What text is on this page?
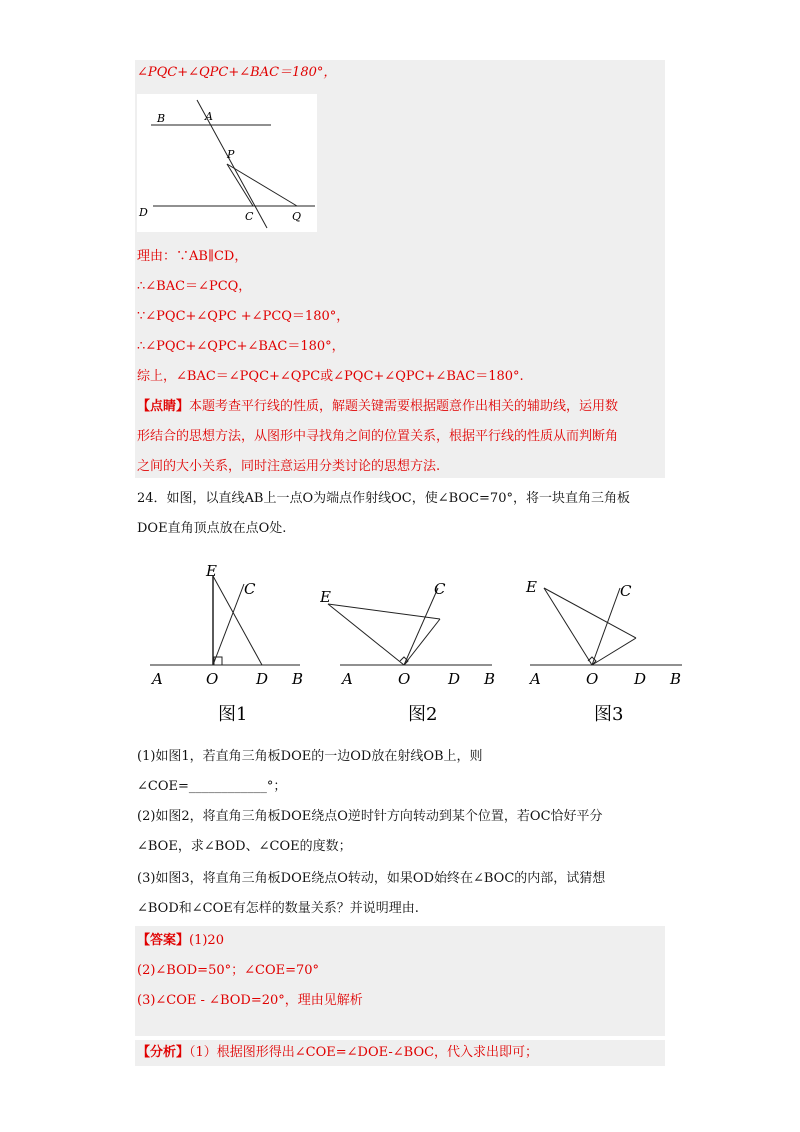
∠PQC+∠QPC+∠BAC＝180°，
B	A
P
D	C	Q
理由：∵AB∥CD，
∴∠BAC＝∠PCQ，
∵∠PQC+∠QPC +∠PCQ＝180°，
∴∠PQC+∠QPC+∠BAC＝180°，
综上，∠BAC＝∠PQC+∠QPC或∠PQC+∠QPC+∠BAC＝180°.
【点睛】本题考查平行线的性质，解题关键需要根据题意作出相关的辅助线，运用数
形结合的思想方法，从图形中寻找角之间的位置关系，根据平行线的性质从而判断角
之间的大小关系，同时注意运用分类讨论的思想方法.
24．如图，以直线AB上一点O为端点作射线OC，使∠BOC=70°，将一块直角三角板
DOE直角顶点放在点O处.
E
C
A	O	D B
图1
E	C
A	O	D B
图2
E	C
A	O D B
图3
(1)如图1，若直角三角板DOE的一边OD放在射线OB上，则
∠COE=____________°；
(2)如图2，将直角三角板DOE绕点O逆时针方向转动到某个位置，若OC恰好平分
∠BOE，求∠BOD、∠COE的度数；
(3)如图3，将直角三角板DOE绕点O转动，如果OD始终在∠BOC的内部，试猜想
∠BOD和∠COE有怎样的数量关系？并说明理由.
【答案】(1)20
(2)∠BOD=50°；∠COE=70°
(3)∠COE - ∠BOD=20°，理由见解析
【分析】（1）根据图形得出∠COE=∠DOE-∠BOC，代入求出即可；
